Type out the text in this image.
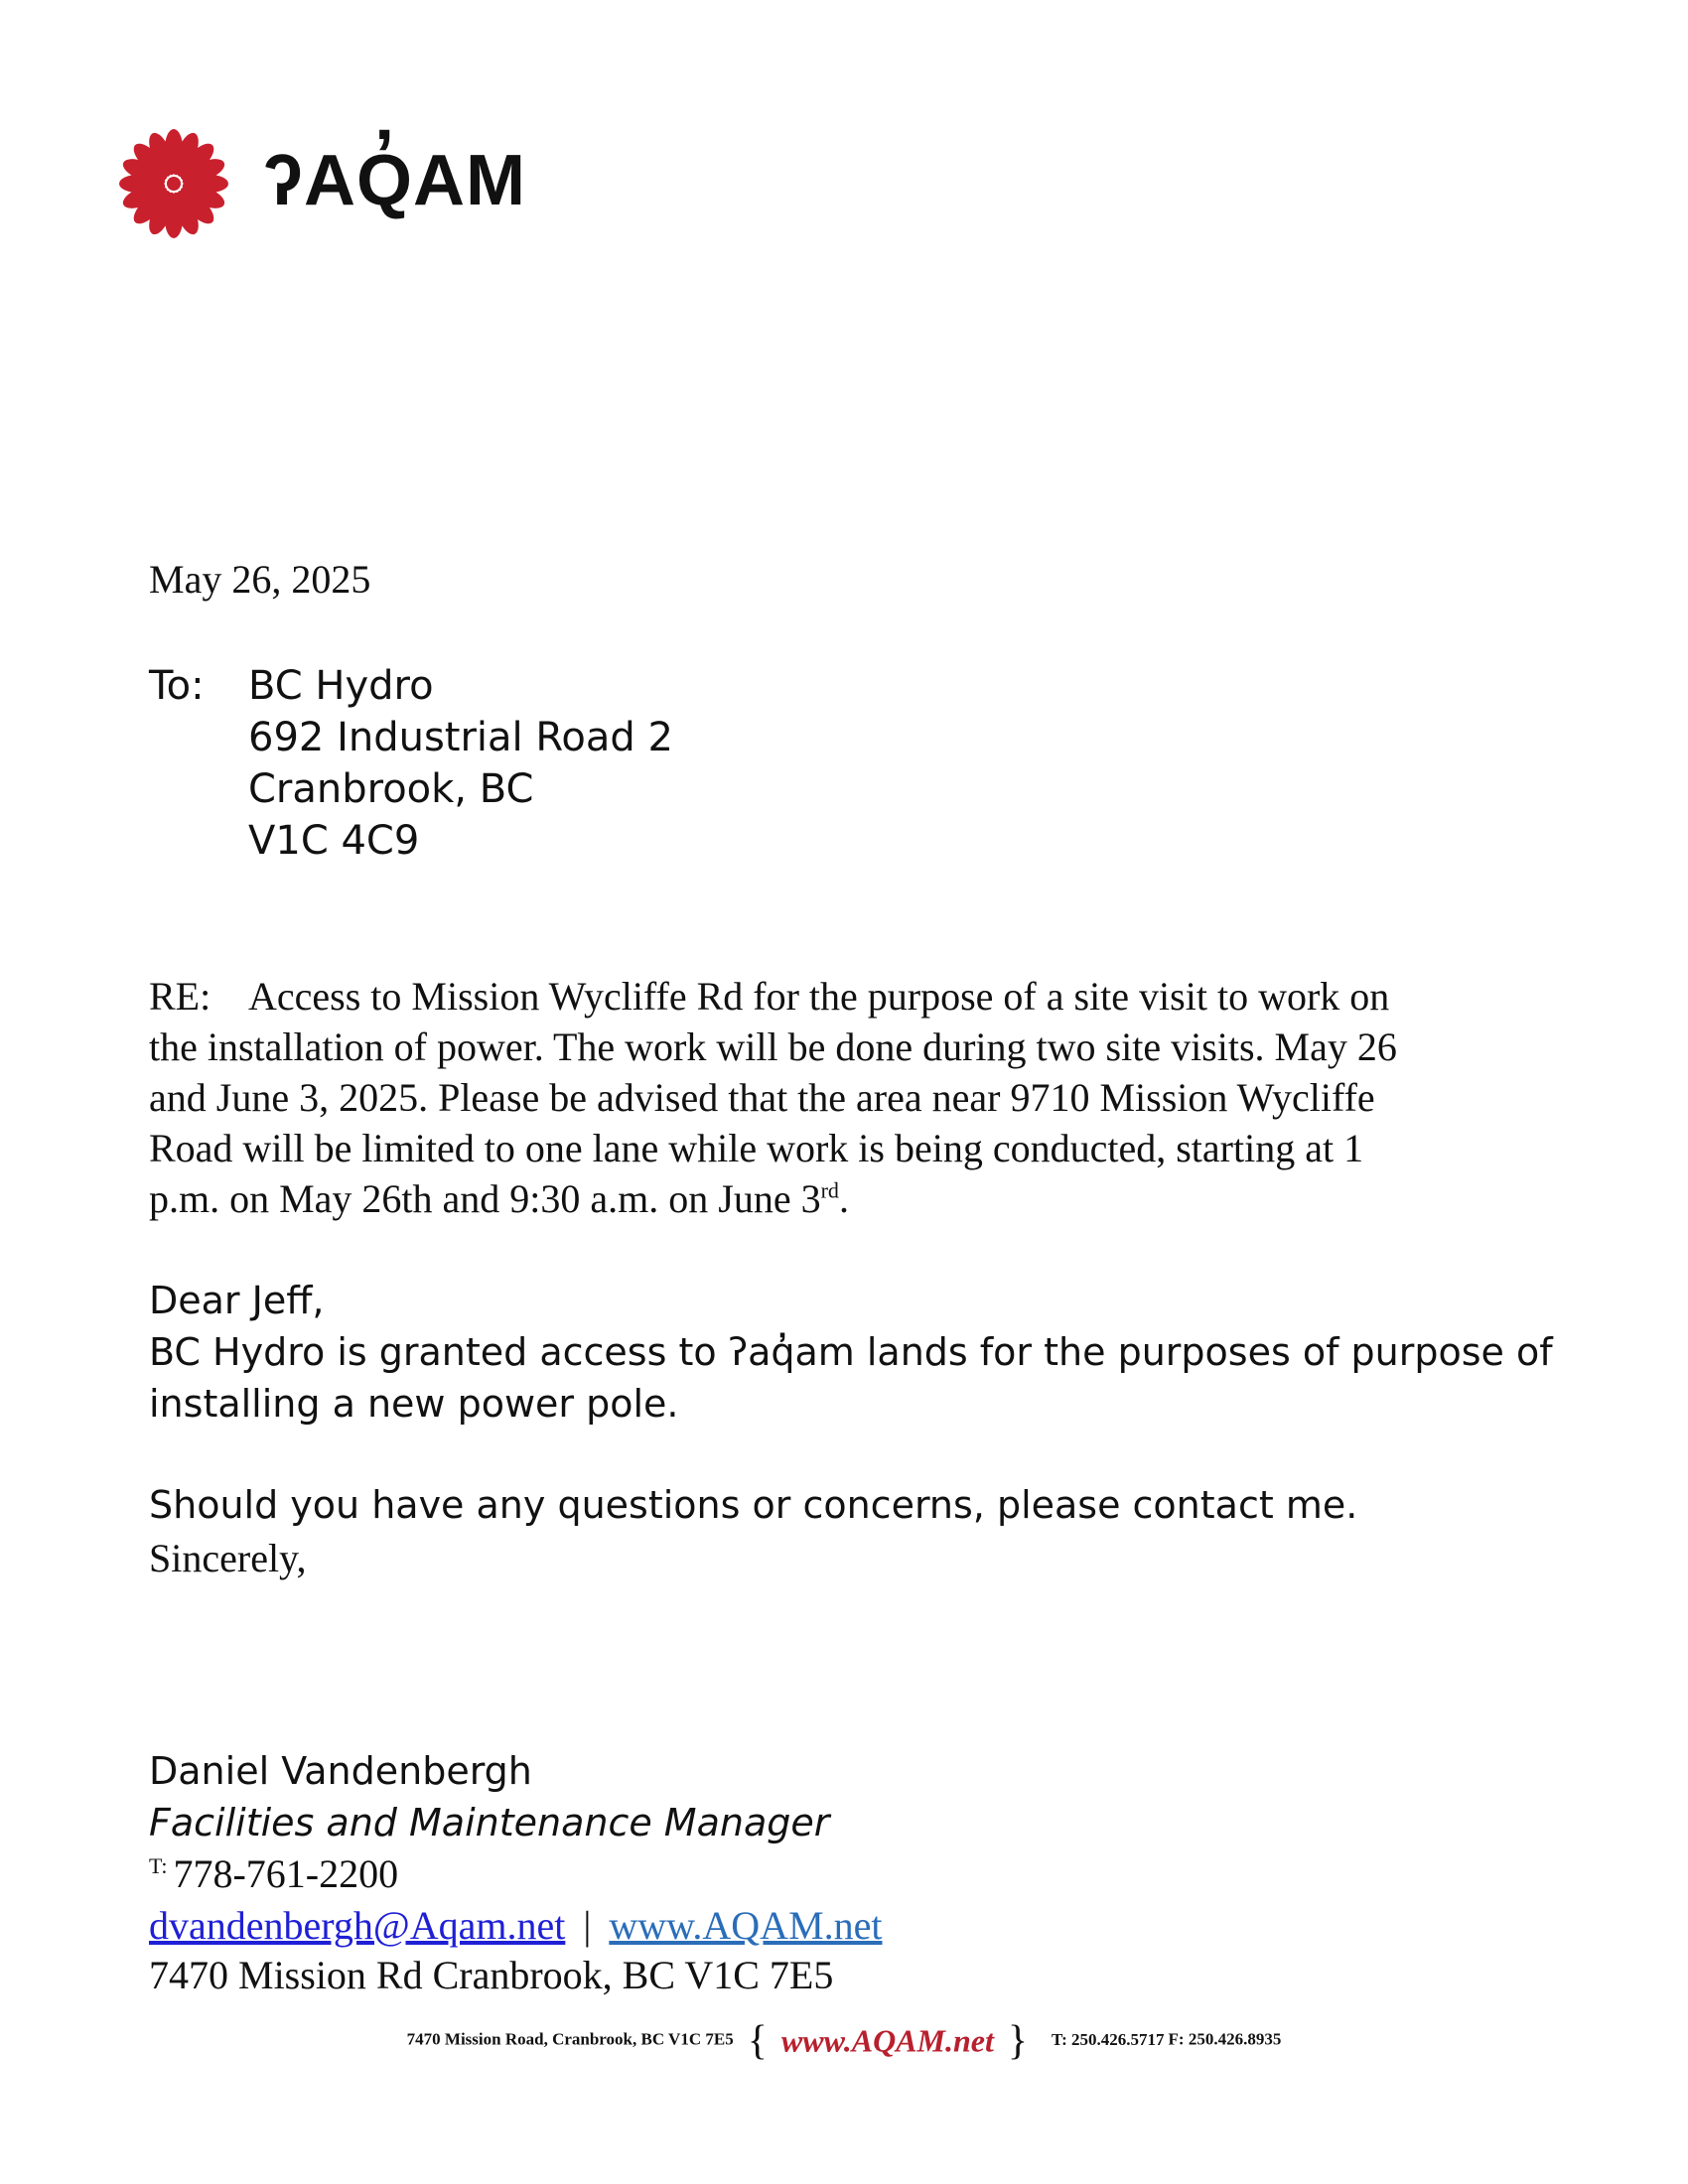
ʔAQ̓AM
May 26, 2025
To: BC Hydro
692 Industrial Road 2
Cranbrook, BC
V1C 4C9
RE: Access to Mission Wycliffe Rd for the purpose of a site visit to work on
the installation of power. The work will be done during two site visits. May 26
and June 3, 2025. Please be advised that the area near 9710 Mission Wycliffe
Road will be limited to one lane while work is being conducted, starting at 1
p.m. on May 26th and 9:30 a.m. on June 3rd.
Dear Jeff,
BC Hydro is granted access to ʔaq̓am lands for the purposes of purpose of
installing a new power pole.
Should you have any questions or concerns, please contact me.
Sincerely,
Daniel Vandenbergh
Facilities and Maintenance Manager
$^{T:}$ 778-761-2200
dvandenbergh@Aqam.net | www.AQAM.net
7470 Mission Rd Cranbrook, BC V1C 7E5
7470 Mission Road, Cranbrook, BC V1C 7E5 { www.AQAM.net } T: 250.426.5717 F: 250.426.8935
